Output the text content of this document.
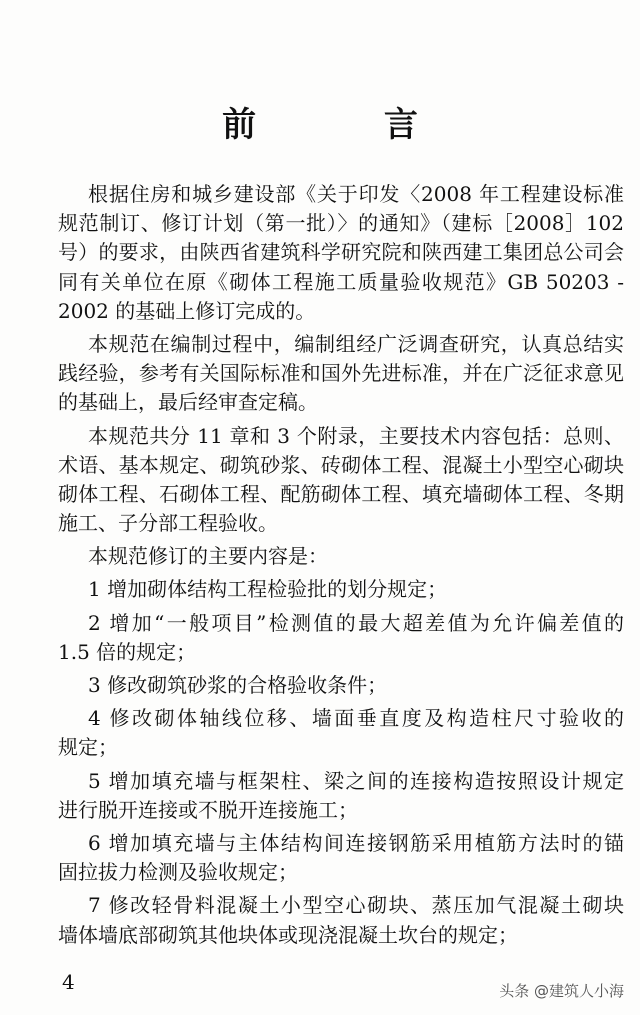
前 言
根据住房和城乡建设部《关于印发〈2008 年工程建设标准
规范制订、修订计划（第一批）〉的通知》（建标［2008］102
号）的要求，由陕西省建筑科学研究院和陕西建工集团总公司会
同有关单位在原《砌体工程施工质量验收规范》GB 50203 -
2002 的基础上修订完成的。
本规范在编制过程中，编制组经广泛调查研究，认真总结实
践经验，参考有关国际标准和国外先进标准，并在广泛征求意见
的基础上，最后经审查定稿。
本规范共分 11 章和 3 个附录，主要技术内容包括：总则、
术语、基本规定、砌筑砂浆、砖砌体工程、混凝土小型空心砌块
砌体工程、石砌体工程、配筋砌体工程、填充墙砌体工程、冬期
施工、子分部工程验收。
本规范修订的主要内容是：
1 增加砌体结构工程检验批的划分规定；
2 增加“一般项目”检测值的最大超差值为允许偏差值的
1.5 倍的规定；
3 修改砌筑砂浆的合格验收条件；
4 修改砌体轴线位移、墙面垂直度及构造柱尺寸验收的
规定；
5 增加填充墙与框架柱、梁之间的连接构造按照设计规定
进行脱开连接或不脱开连接施工；
6 增加填充墙与主体结构间连接钢筋采用植筋方法时的锚
固拉拔力检测及验收规定；
7 修改轻骨料混凝土小型空心砌块、蒸压加气混凝土砌块
墙体墙底部砌筑其他块体或现浇混凝土坎台的规定；
4	头条 @建筑人小海
